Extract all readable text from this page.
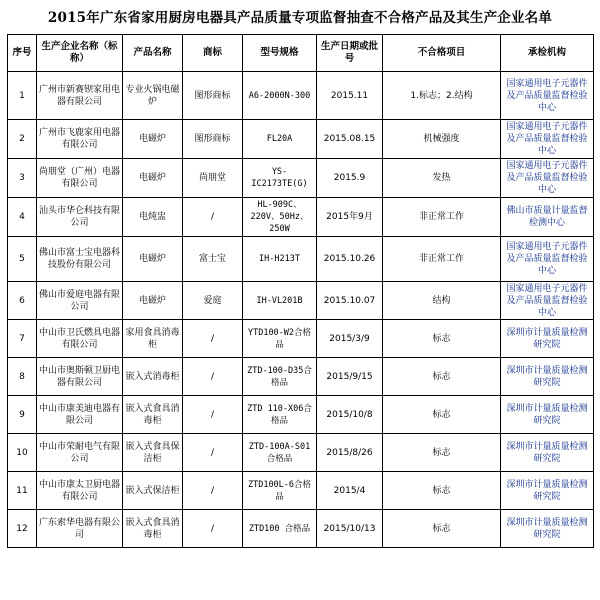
2015年广东省家用厨房电器具产品质量专项监督抽查不合格产品及其生产企业名单
序号	生产企业名称（标称）	产品名称	商标	型号规格	生产日期或批号	不合格项目	承检机构
1	广州市新赛钡家用电器有限公司	专业火锅电磁炉	图形商标	A6-2000N-300	2015.11	1.标志；2.结构	国家通用电子元器件及产品质量监督检验中心
2	广州市飞鹿家用电器有限公司	电磁炉	图形商标	FL20A	2015.08.15	机械强度	国家通用电子元器件及产品质量监督检验中心
3	尚朋堂（广州）电器有限公司	电磁炉	尚朋堂	YS-IC2173TE(G)	2015.9	发热	国家通用电子元器件及产品质量监督检验中心
4	汕头市华仑科技有限公司	电炖盅	/	HL-909C、220V、50Hz、250W	2015年9月	非正常工作	佛山市质量计量监督检测中心
5	佛山市富士宝电器科技股份有限公司	电磁炉	富士宝	IH-H213T	2015.10.26	非正常工作	国家通用电子元器件及产品质量监督检验中心
6	佛山市爱庭电器有限公司	电磁炉	爱庭	IH-VL201B	2015.10.07	结构	国家通用电子元器件及产品质量监督检验中心
7	中山市卫氏燃具电器有限公司	家用食具消毒柜	/	YTD100-W2合格品	2015/3/9	标志	深圳市计量质量检测研究院
8	中山市奥斯顿卫厨电器有限公司	嵌入式消毒柜	/	ZTD-100-D35合格品	2015/9/15	标志	深圳市计量质量检测研究院
9	中山市康美迪电器有限公司	嵌入式食具消毒柜	/	ZTD 110-X06合格品	2015/10/8	标志	深圳市计量质量检测研究院
10	中山市荣耐电气有限公司	嵌入式食具保洁柜	/	ZTD-100A-S01 合格品	2015/8/26	标志	深圳市计量质量检测研究院
11	中山市康太卫厨电器有限公司	嵌入式保洁柜	/	ZTD100L-6合格品	2015/4	标志	深圳市计量质量检测研究院
12	广东索华电器有限公司	嵌入式食具消毒柜	/	ZTD100 合格品	2015/10/13	标志	深圳市计量质量检测研究院
